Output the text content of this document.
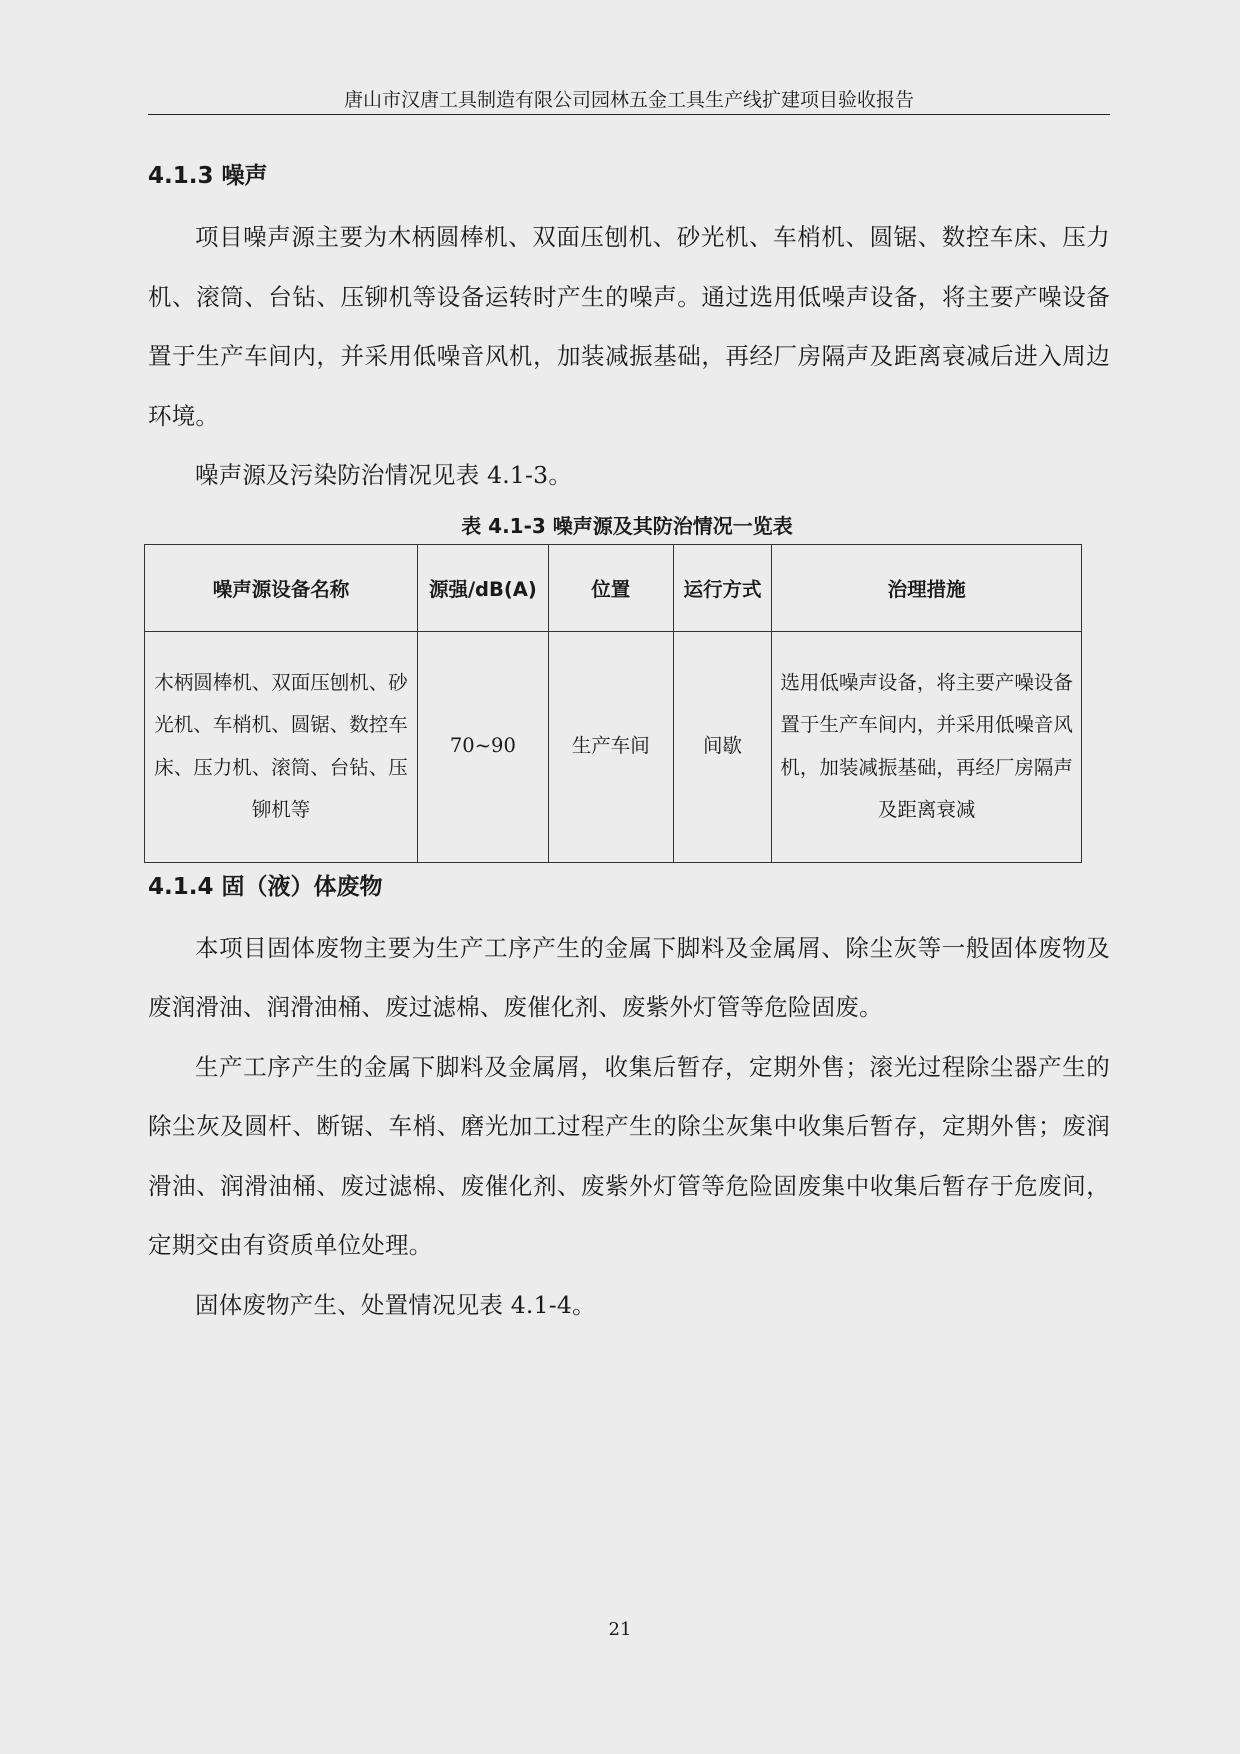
唐山市汉唐工具制造有限公司园林五金工具生产线扩建项目验收报告
4.1.3 噪声

项目噪声源主要为木柄圆棒机、双面压刨机、砂光机、车梢机、圆锯、数控车床、压力机、滚筒、台钻、压铆机等设备运转时产生的噪声。通过选用低噪声设备，将主要产噪设备置于生产车间内，并采用低噪音风机，加装减振基础，再经厂房隔声及距离衰减后进入周边环境。

噪声源及污染防治情况见表 4.1-3。

表 4.1-3 噪声源及其防治情况一览表
噪声源设备名称	源强/dB(A)	位置	运行方式	治理措施
木柄圆棒机、双面压刨机、砂光机、车梢机、圆锯、数控车床、压力机、滚筒、台钻、压铆机等	70~90	生产车间	间歇	选用低噪声设备，将主要产噪设备置于生产车间内，并采用低噪音风机，加装减振基础，再经厂房隔声及距离衰减
4.1.4 固（液）体废物

本项目固体废物主要为生产工序产生的金属下脚料及金属屑、除尘灰等一般固体废物及废润滑油、润滑油桶、废过滤棉、废催化剂、废紫外灯管等危险固废。

生产工序产生的金属下脚料及金属屑，收集后暂存，定期外售；滚光过程除尘器产生的除尘灰及圆杆、断锯、车梢、磨光加工过程产生的除尘灰集中收集后暂存，定期外售；废润滑油、润滑油桶、废过滤棉、废催化剂、废紫外灯管等危险固废集中收集后暂存于危废间，定期交由有资质单位处理。

固体废物产生、处置情况见表 4.1-4。

21
